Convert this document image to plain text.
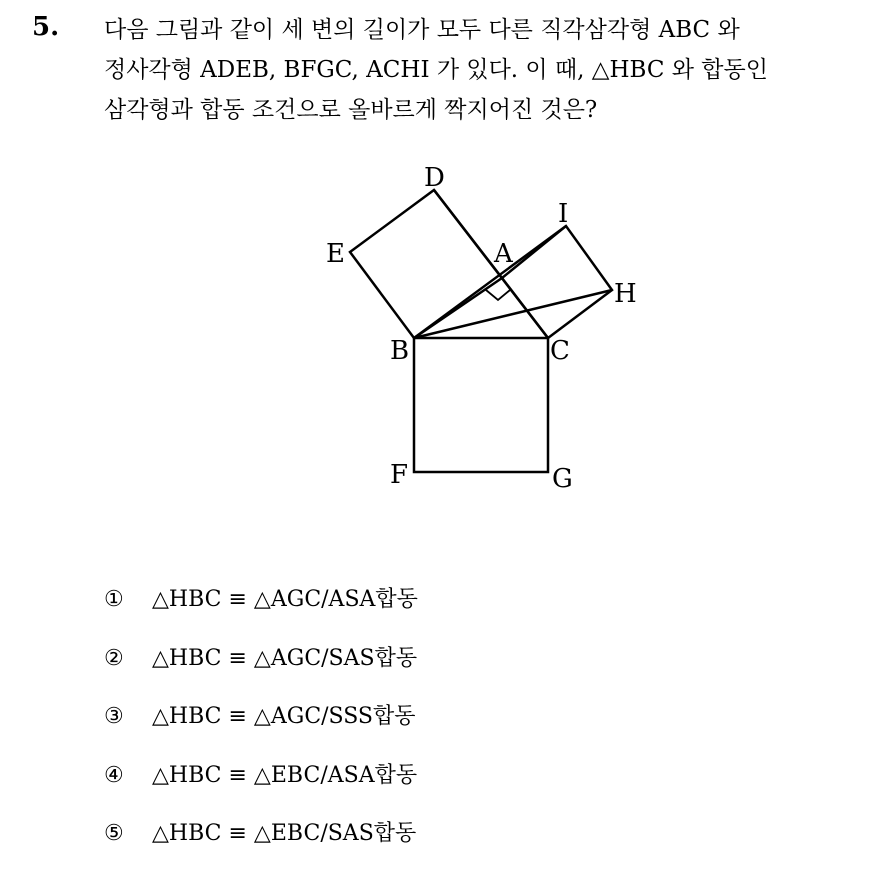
5. 다음 그림과 같이 세 변의 길이가 모두 다른 직각삼각형 ABC 와
정사각형 ADEB, BFGC, ACHI 가 있다. 이 때, △HBC 와 합동인
삼각형과 합동 조건으로 올바르게 짝지어진 것은?
D
E	A
I
H
B	C
F	G
① △HBC ≡ △AGC/ASA합동
② △HBC ≡ △AGC/SAS합동
③ △HBC ≡ △AGC/SSS합동
④ △HBC ≡ △EBC/ASA합동
⑤ △HBC ≡ △EBC/SAS합동
